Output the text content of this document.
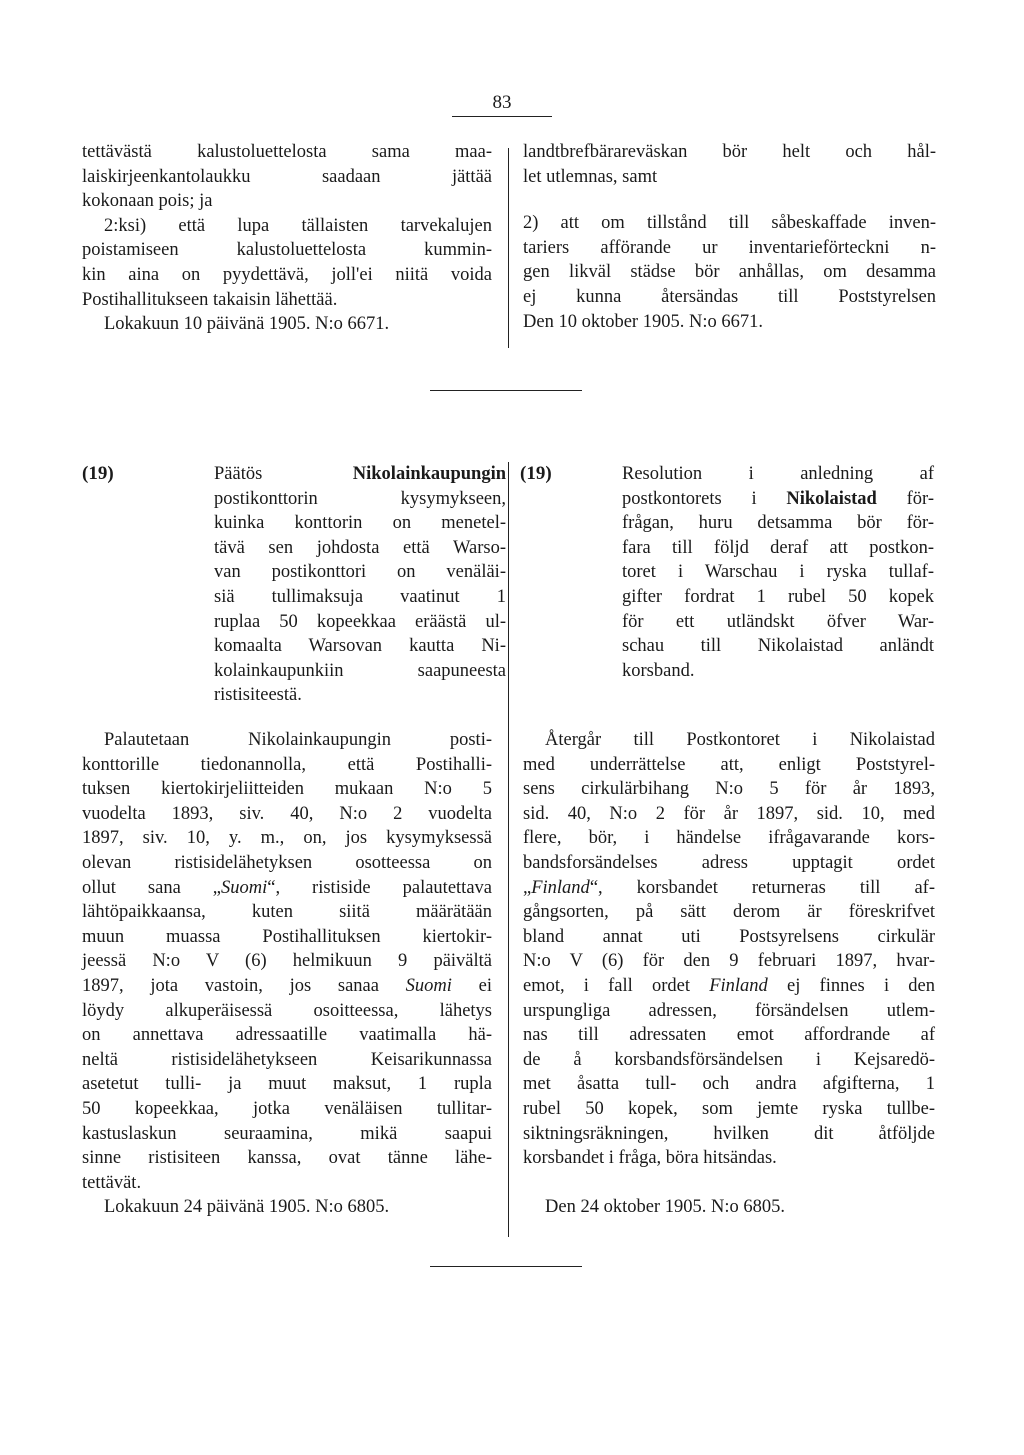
83
tettävästä kalustoluettelosta sama maa-
laiskirjeenkantolaukku saadaan jättää
kokonaan pois; ja
2:ksi) että lupa tällaisten tarvekalujen
poistamiseen kalustoluettelosta kummin-
kin aina on pyydettävä, joll'ei niitä voida
Postihallitukseen takaisin lähettää.
Lokakuun 10 päivänä 1905. N:o 6671.
landtbrefbärareväskan bör helt och hål-
let utlemnas, samt
2) att om tillstånd till såbeskaffade inven-
tariers afförande ur inventarieförteckni n-
gen likväl städse bör anhållas, om desamma
ej kunna återsändas till Poststyrelsen
Den 10 oktober 1905. N:o 6671.
(19)	(19)
Päätös	Nikolainkaupungin
postikonttorin kysymykseen,
kuinka konttorin on menetel-
tävä sen johdosta että Warso-
van postikonttori on venäläi-
siä tullimaksuja vaatinut 1
ruplaa 50 kopeekkaa eräästä ul-
komaalta Warsovan kautta Ni-
kolainkaupunkiin saapuneesta
ristisiteestä.
Palautetaan Nikolainkaupungin posti-
konttorille tiedonannolla, että Postihalli-
tuksen kiertokirjeliitteiden mukaan N:o 5
vuodelta 1893, siv. 40, N:o 2 vuodelta
1897, siv. 10, y. m., on, jos kysymyksessä
olevan ristisidelähetyksen osotteessa on
ollut sana „Suomi“, ristiside palautettava
lähtöpaikkaansa, kuten siitä määrätään
muun muassa Postihallituksen kiertokir-
jeessä N:o V (6) helmikuun 9 päivältä
1897, jota vastoin, jos sanaa Suomi ei
löydy alkuperäisessä osoitteessa, lähetys
on annettava adressaatille vaatimalla hä-
neltä ristisidelähetykseen Keisarikunnassa
asetetut tulli- ja muut maksut, 1 rupla
50 kopeekkaa, jotka venäläisen tullitar-
kastuslaskun seuraamina, mikä saapui
sinne ristisiteen kanssa, ovat tänne lähe-
tettävät.
Lokakuun 24 päivänä 1905. N:o 6805.
Resolution i anledning af
postkontorets i Nikolaistad för-
frågan, huru detsamma bör för-
fara till följd deraf att postkon-
toret i Warschau i ryska tullaf-
gifter fordrat 1 rubel 50 kopek
för ett utländskt öfver War-
schau till Nikolaistad anländt
korsband.
Återgår till Postkontoret i Nikolaistad
med underrättelse att, enligt Poststyrel-
sens cirkulärbihang N:o 5 för år 1893,
sid. 40, N:o 2 för år 1897, sid. 10, med
flere, bör, i händelse ifrågavarande kors-
bandsforsändelses adress upptagit ordet
„Finland“, korsbandet returneras till af-
gångsorten, på sätt derom är föreskrifvet
bland annat uti Postsyrelsens cirkulär
N:o V (6) för den 9 februari 1897, hvar-
emot, i fall ordet Finland ej finnes i den
urspungliga adressen, försändelsen utlem-
nas till adressaten emot affordrande af
de å korsbandsförsändelsen i Kejsaredö-
met åsatta tull- och andra afgifterna, 1
rubel 50 kopek, som jemte ryska tullbe-
siktningsräkningen, hvilken dit åtföljde
korsbandet i fråga, böra hitsändas.
Den 24 oktober 1905. N:o 6805.
